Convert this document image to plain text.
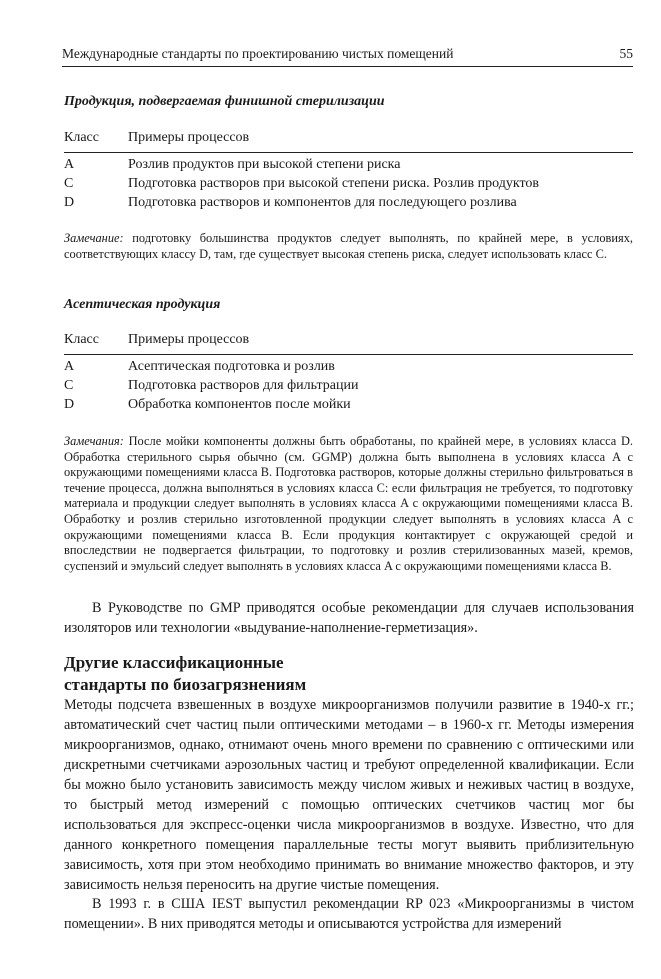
Международные стандарты по проектированию чистых помещений	55
Продукция, подвергаемая финишной стерилизации
Класс Примеры процессов
A	Розлив продуктов при высокой степени риска
C	Подготовка растворов при высокой степени риска. Розлив продуктов
D	Подготовка растворов и компонентов для последующего розлива
Замечание: подготовку большинства продуктов следует выполнять, по крайней мере, в условиях, соответствующих классу D, там, где существует высокая степень риска, следует использовать класс C.
Асептическая продукция
Класс Примеры процессов
A	Асептическая подготовка и розлив
C	Подготовка растворов для фильтрации
D	Обработка компонентов после мойки
Замечания: После мойки компоненты должны быть обработаны, по крайней мере, в условиях класса D. Обработка стерильного сырья обычно (см. GGMP) должна быть выполнена в условиях класса A с окружающими помещениями класса B. Подготовка растворов, которые должны стерильно фильтроваться в течение процесса, должна выполняться в условиях класса C: если фильтрация не требуется, то подготовку материала и продукции следует выполнять в условиях класса A с окружающими помещениями класса B. Обработку и розлив стерильно изготовленной продукции следует выполнять в условиях класса A с окружающими помещениями класса B. Если продукция контактирует с окружающей средой и впоследствии не подвергается фильтрации, то подготовку и розлив стерилизованных мазей, кремов, суспензий и эмульсий следует выполнять в условиях класса A с окружающими помещениями класса B.

В Руководстве по GMP приводятся особые рекомендации для случаев использования изоляторов или технологии «выдувание-наполнение-герметизация».

Другие классификационные
стандарты по биозагрязнениям

Методы подсчета взвешенных в воздухе микроорганизмов получили развитие в 1940-х гг.; автоматический счет частиц пыли оптическими методами – в 1960-х гг. Методы измерения микроорганизмов, однако, отнимают очень много времени по сравнению с оптическими или дискретными счетчиками аэрозольных частиц и требуют определенной квалификации. Если бы можно было установить зависимость между числом живых и неживых частиц в воздухе, то быстрый метод измерений с помощью оптических счетчиков частиц мог бы использоваться для экспресс-оценки числа микроорганизмов в воздухе. Известно, что для данного конкретного помещения параллельные тесты могут выявить приблизительную зависимость, хотя при этом необходимо принимать во внимание множество факторов, и эту зависимость нельзя переносить на другие чистые помещения.

В 1993 г. в США IEST выпустил рекомендации RP 023 «Микроорганизмы в чистом помещении». В них приводятся методы и описываются устройства для измерений
